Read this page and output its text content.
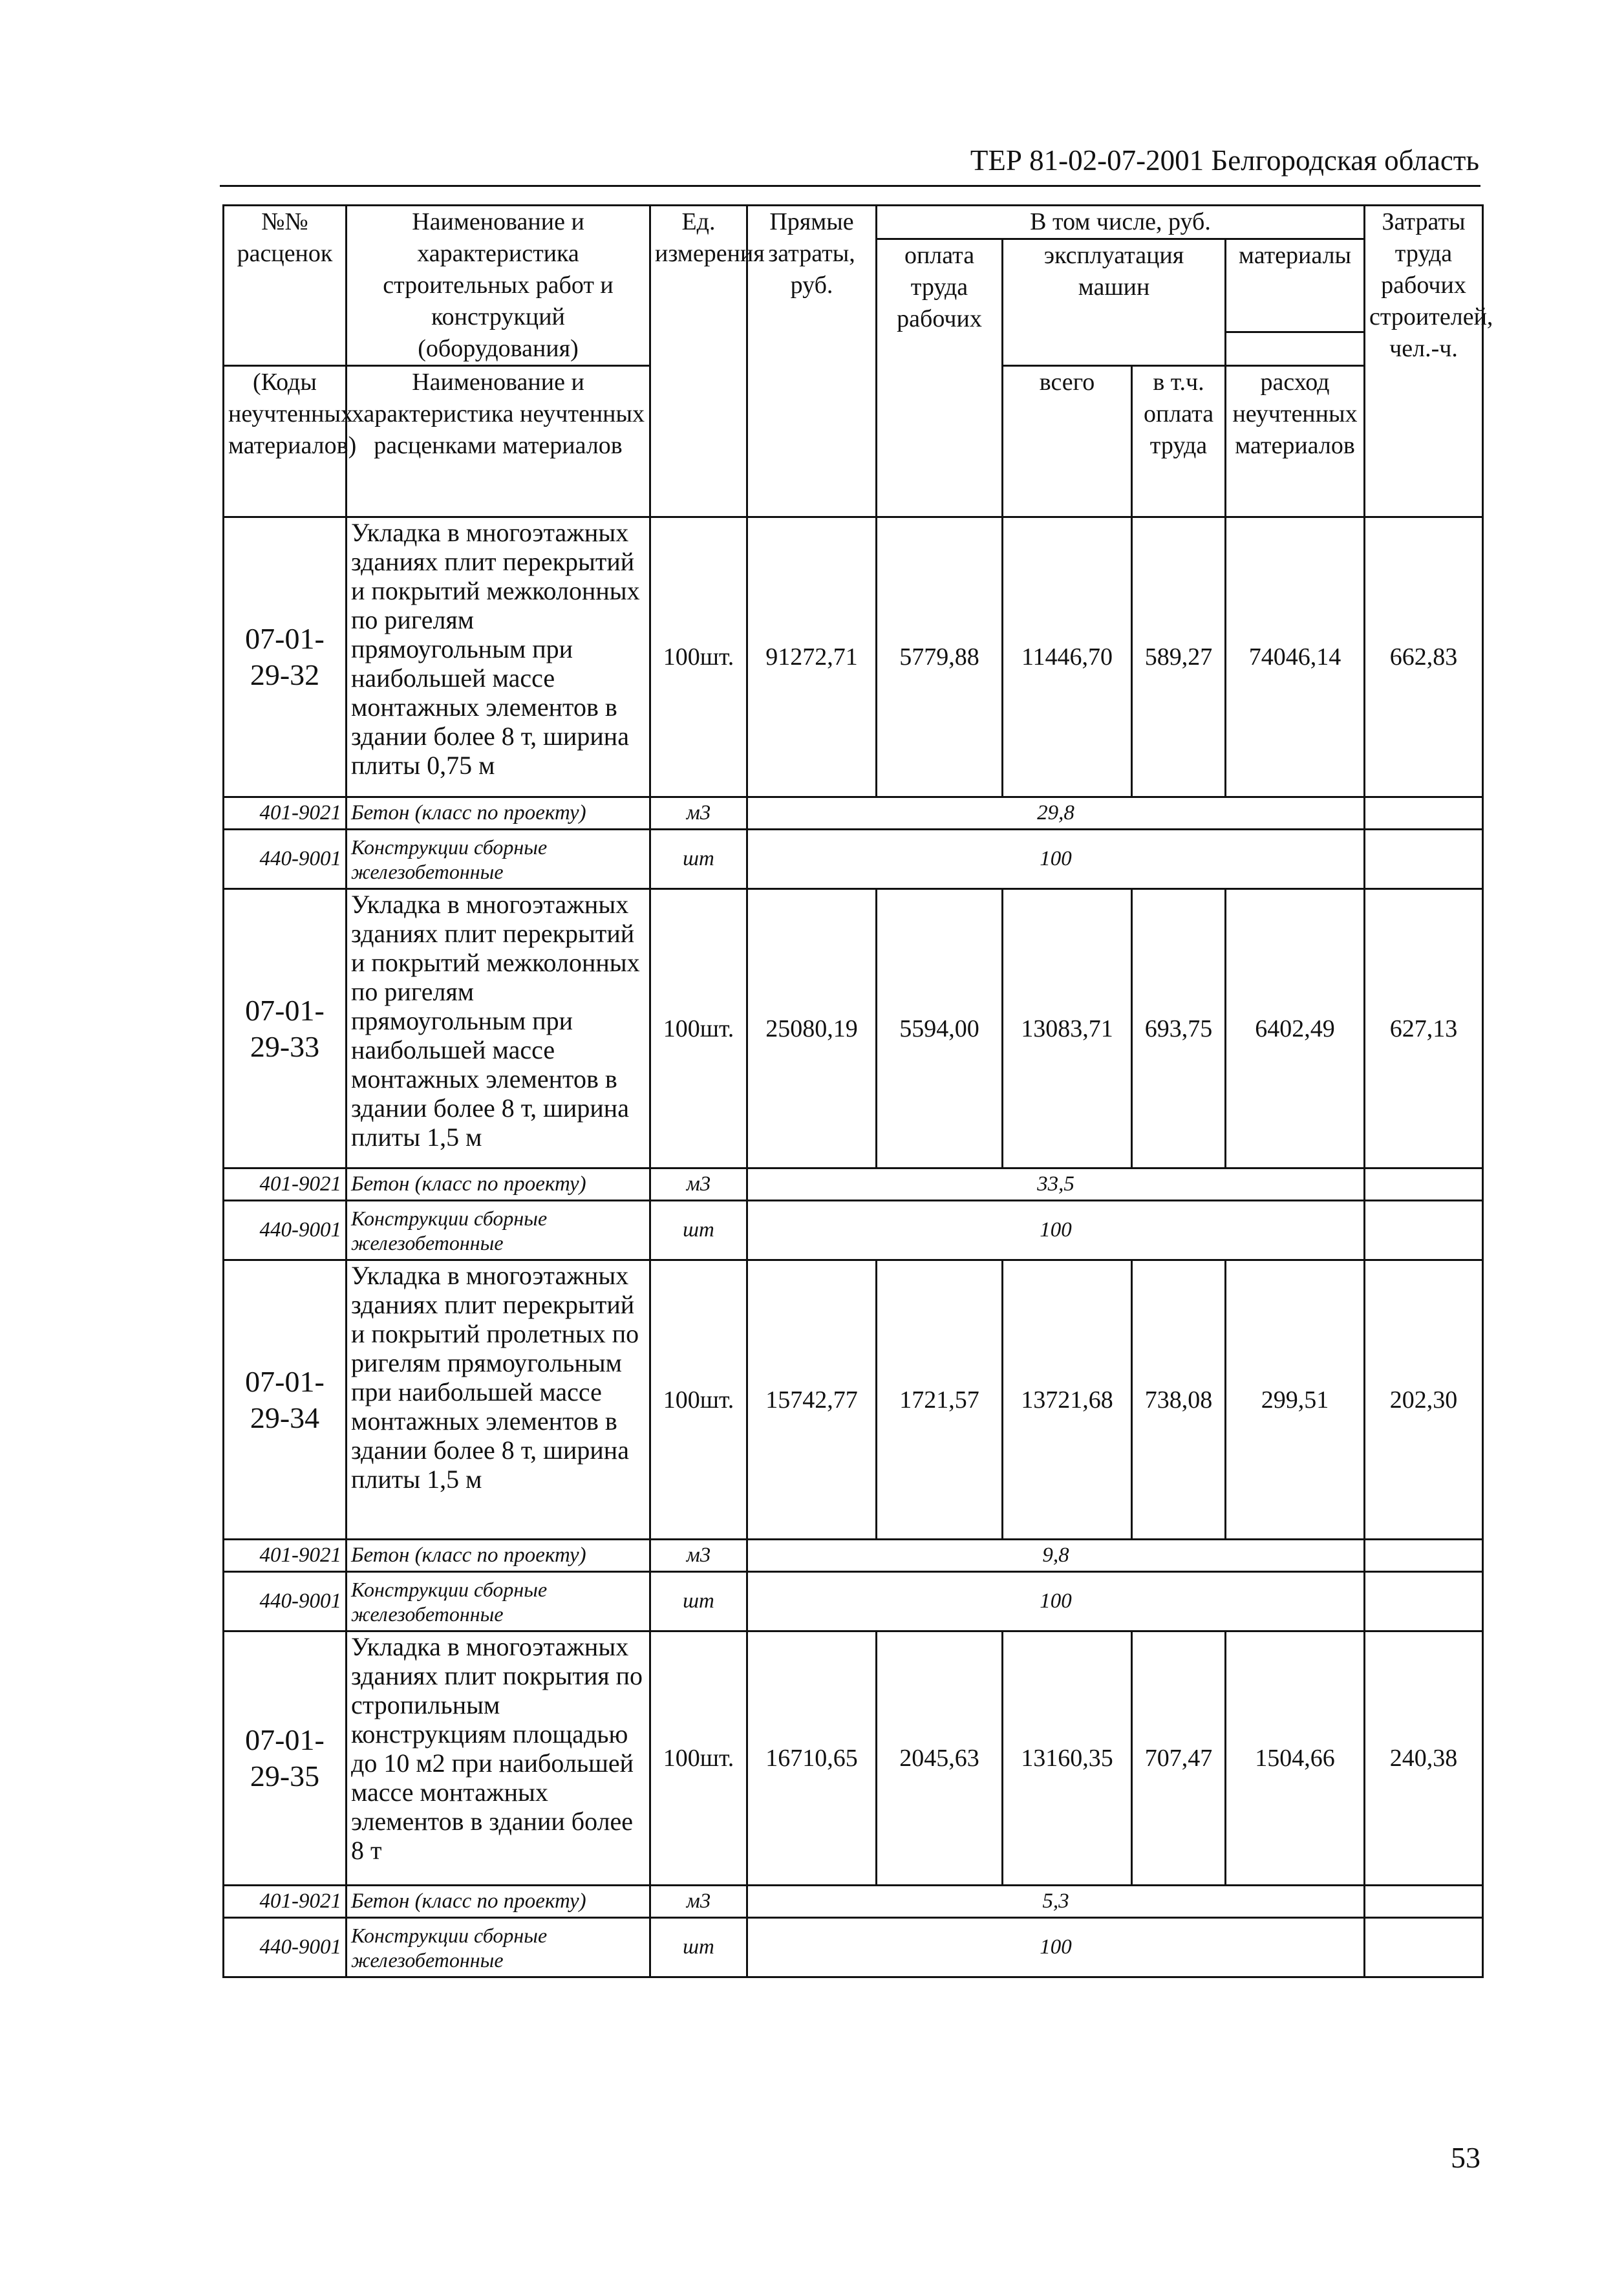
ТЕР 81-02-07-2001 Белгородская область
№№ расценок	Наименование и характеристика строительных работ и конструкций (оборудования)	Ед. измерения	Прямые затраты, руб.	В том числе, руб.				Затраты труда рабочих строителей, чел.-ч.
				оплата труда рабочих	эксплуатация машин		материалы	

(Коды неучтенных материалов)	Наименование и характеристика неучтенных расценками материалов				всего	в т.ч. оплата труда	расход неучтенных материалов	
07-01-29-32	Укладка в многоэтажных зданиях плит перекрытий и покрытий межколонных по ригелям прямоугольным при наибольшей массе монтажных элементов в здании более 8 т, ширина плиты 0,75 м	100шт.	91272,71	5779,88	11446,70	589,27	74046,14	662,83
401-9021	Бетон (класс по проекту)	м3	29,8					
440-9001	Конструкции сборные железобетонные	шт	100					
07-01-29-33	Укладка в многоэтажных зданиях плит перекрытий и покрытий межколонных по ригелям прямоугольным при наибольшей массе монтажных элементов в здании более 8 т, ширина плиты 1,5 м	100шт.	25080,19	5594,00	13083,71	693,75	6402,49	627,13
401-9021	Бетон (класс по проекту)	м3	33,5					
440-9001	Конструкции сборные железобетонные	шт	100					
07-01-29-34	Укладка в многоэтажных зданиях плит перекрытий и покрытий пролетных по ригелям прямоугольным при наибольшей массе монтажных элементов в здании более 8 т, ширина плиты 1,5 м	100шт.	15742,77	1721,57	13721,68	738,08	299,51	202,30
401-9021	Бетон (класс по проекту)	м3	9,8					
440-9001	Конструкции сборные железобетонные	шт	100					
07-01-29-35	Укладка в многоэтажных зданиях плит покрытия по стропильным конструкциям площадью до 10 м2 при наибольшей массе монтажных элементов в здании более 8 т	100шт.	16710,65	2045,63	13160,35	707,47	1504,66	240,38
401-9021	Бетон (класс по проекту)	м3	5,3					
440-9001	Конструкции сборные железобетонные	шт	100					
53
